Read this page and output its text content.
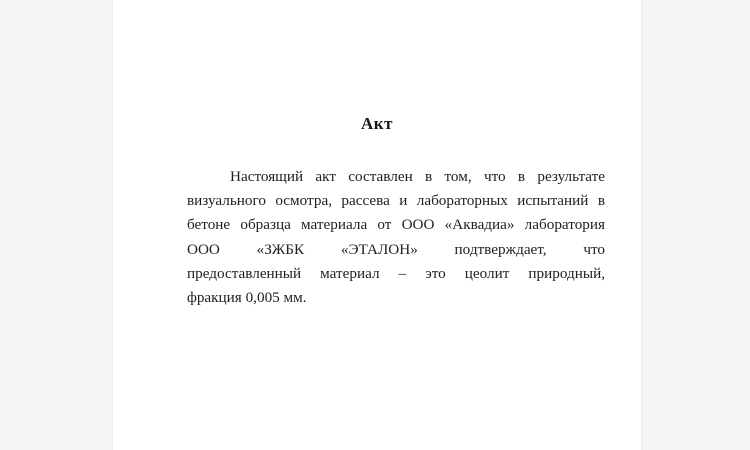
Акт
Настоящий акт составлен в том, что в результате
визуального осмотра, рассева и лабораторных испытаний в
бетоне образца материала от ООО «Аквадиа» лаборатория
ООО «ЗЖБК «ЭТАЛОН» подтверждает, что
предоставленный материал – это цеолит природный,
фракция 0,005 мм.
